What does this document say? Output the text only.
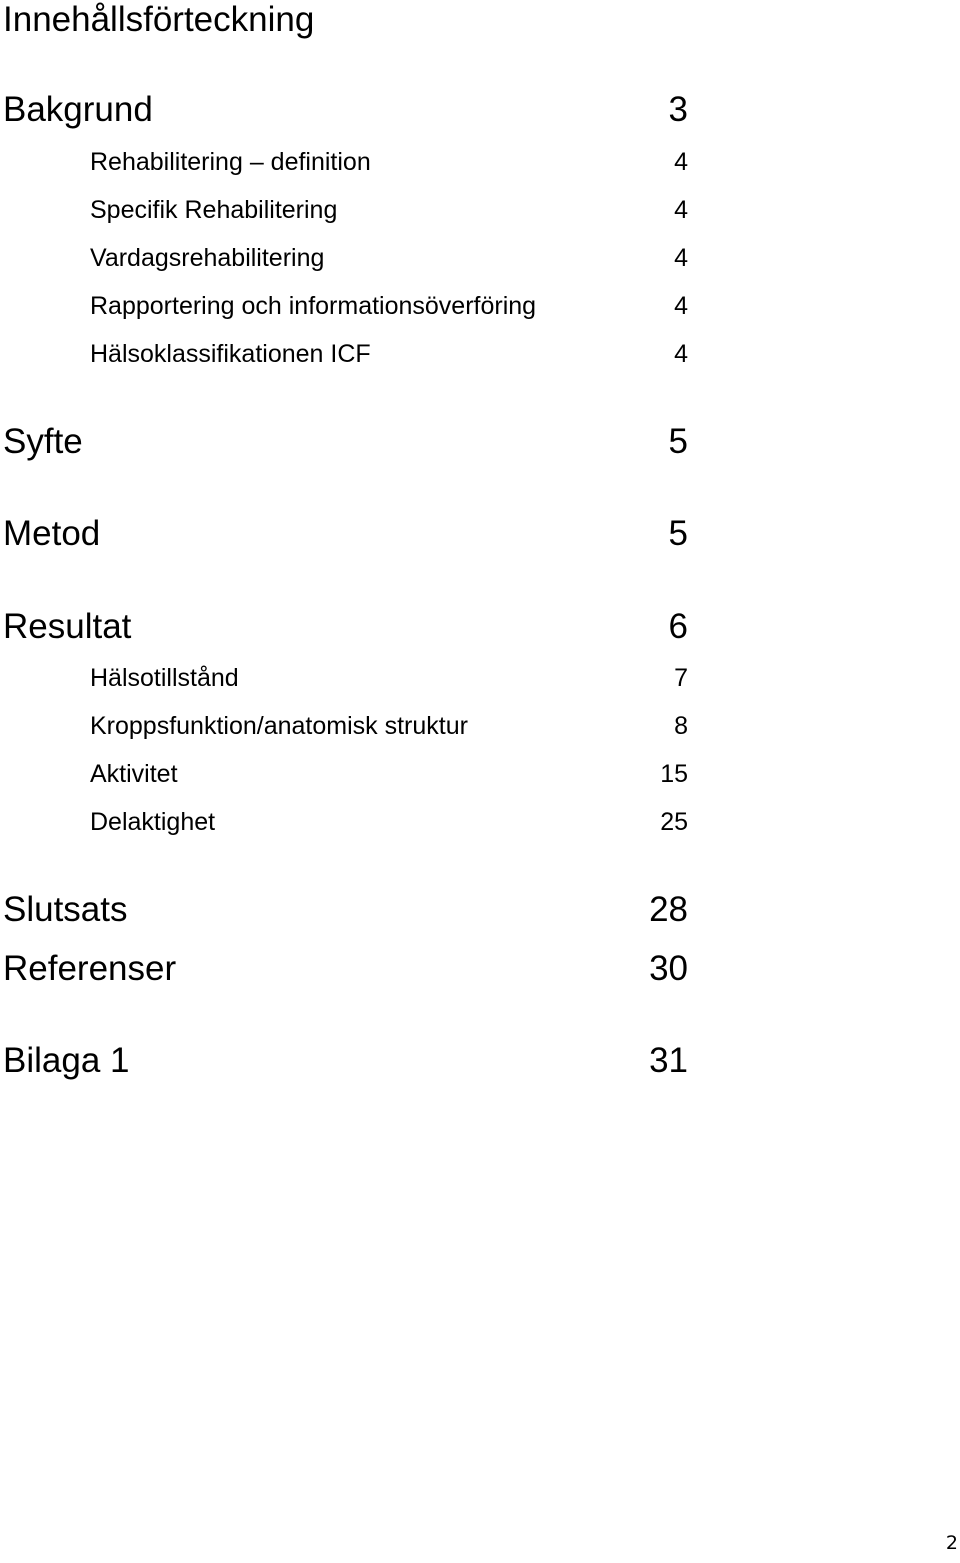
Innehållsförteckning
Bakgrund	3
Rehabilitering – definition	4
Specifik Rehabilitering	4
Vardagsrehabilitering	4
Rapportering och informationsöverföring	4
Hälsoklassifikationen ICF	4
Syfte	5
Metod	5
Resultat	6
Hälsotillstånd	7
Kroppsfunktion/anatomisk struktur	8
Aktivitet	15
Delaktighet	25
Slutsats	28
Referenser	30
Bilaga 1	31
2
